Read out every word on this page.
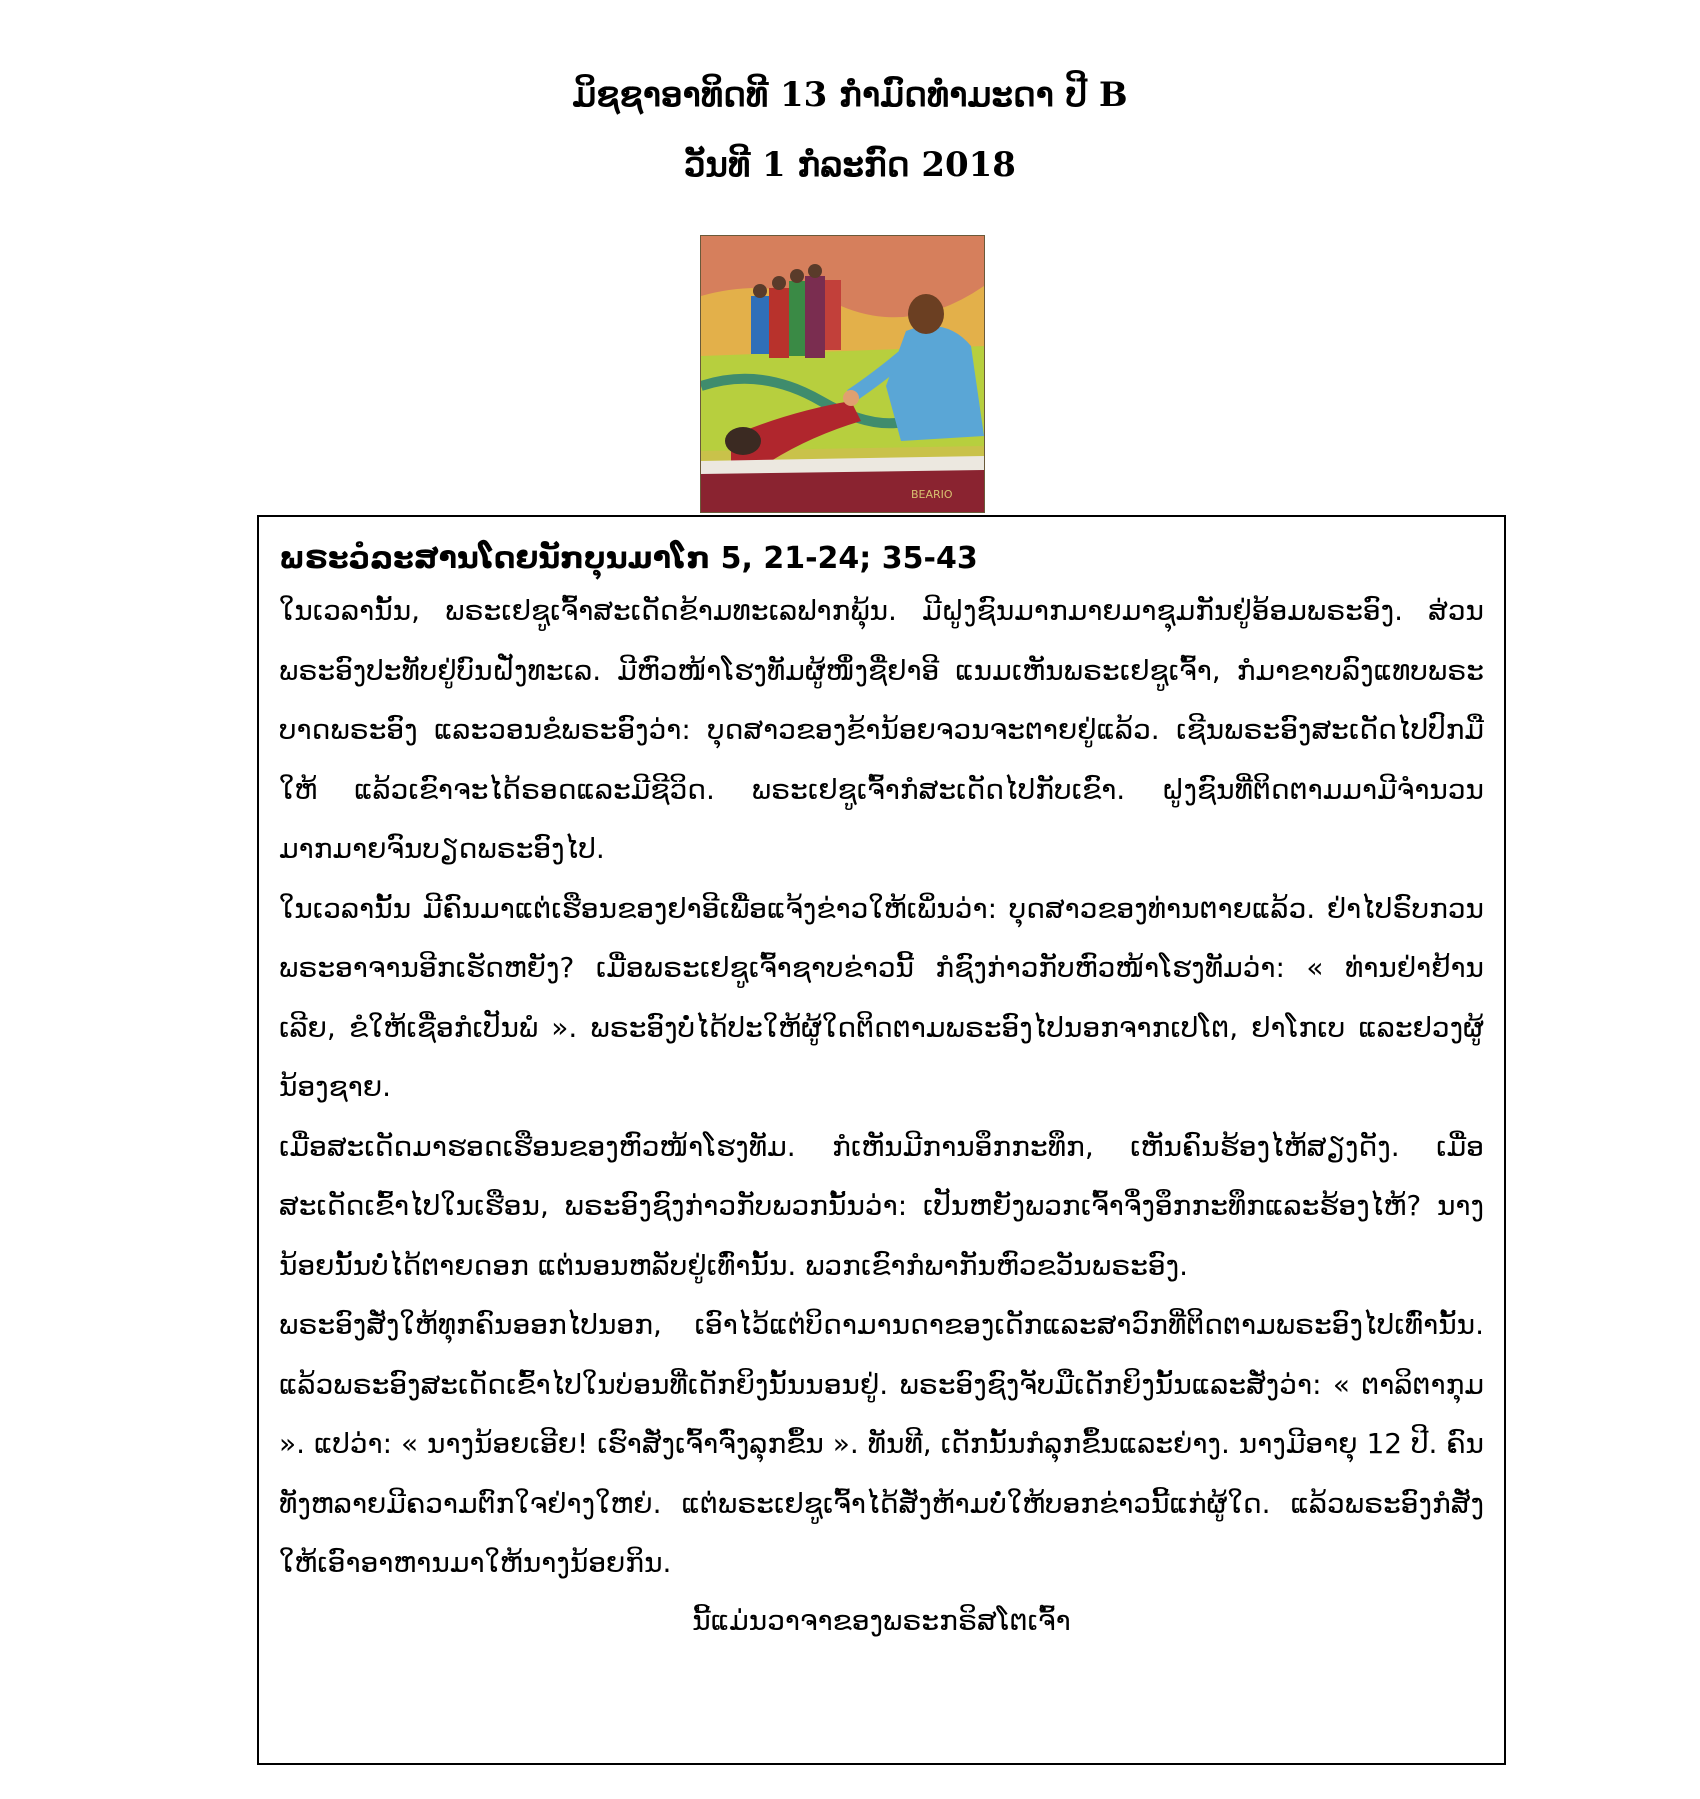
ມິຊຊາອາທິດທີ 13 ກຳມົດທຳມະດາ ປີ B
ວັນທີ 1 ກໍລະກົດ 2018
BEARIO

ພຣະວໍລະສານໂດຍນັກບຸນມາໂກ 5, 21-24; 35-43

ໃນເວລານັ້ນ, ພຣະເຢຊູເຈົ້າສະເດັດຂ້າມທະເລຟາກພຸ້ນ. ມີຝູງຊົນມາກມາຍມາຊຸມກັນຢູ່ອ້ອມພຣະອົງ. ສ່ວນພຣະອົງປະທັບຢູ່ບົນຝັ່ງທະເລ. ມີຫົວໜ້າໂຮງທັມຜູ້ໜຶ່ງຊື່ຢາອີ ແນມເຫັນພຣະເຢຊູເຈົ້າ, ກໍມາຂາບລົງແທບພຣະບາດພຣະອົງ ແລະວອນຂໍພຣະອົງວ່າ: ບຸດສາວຂອງຂ້ານ້ອຍຈວນຈະຕາຍຢູ່ແລ້ວ. ເຊີນພຣະອົງສະເດັດໄປປົກມືໃຫ້ ແລ້ວເຂົາຈະໄດ້ຣອດແລະມີຊີວິດ. ພຣະເຢຊູເຈົ້າກໍສະເດັດໄປກັບເຂົາ. ຝູງຊົນທີ່ຕິດຕາມມາມີຈຳນວນມາກມາຍຈົນບຽດພຣະອົງໄປ.

ໃນເວລານັ້ນ ມີຄົນມາແຕ່ເຮືອນຂອງຢາອີເພື່ອແຈ້ງຂ່າວໃຫ້ເພິ່ນວ່າ: ບຸດສາວຂອງທ່ານຕາຍແລ້ວ. ຢ່າໄປຣົບກວນພຣະອາຈານອີກເຮັດຫຍັງ? ເມື່ອພຣະເຢຊູເຈົ້າຊາບຂ່າວນີ້ ກໍຊົງກ່າວກັບຫົວໜ້າໂຮງທັມວ່າ: « ທ່ານຢ່າຢ້ານເລີຍ, ຂໍໃຫ້ເຊື່ອກໍເປັນພໍ ». ພຣະອົງບໍ່ໄດ້ປະໃຫ້ຜູ້ໃດຕິດຕາມພຣະອົງໄປນອກຈາກເປໂຕ, ຢາໂກເບ ແລະຢວງຜູ້ນ້ອງຊາຍ.

ເມື່ອສະເດັດມາຮອດເຮືອນຂອງຫົວໜ້າໂຮງທັມ. ກໍເຫັນມີການອຶກກະທຶກ, ເຫັນຄົນຮ້ອງໄຫ້ສຽງດັງ. ເມື່ອສະເດັດເຂົ້າໄປໃນເຮືອນ, ພຣະອົງຊົງກ່າວກັບພວກນັ້ນວ່າ: ເປັນຫຍັງພວກເຈົ້າຈຶ່ງອຶກກະທຶກແລະຮ້ອງໄຫ້? ນາງນ້ອຍນັ້ນບໍ່ໄດ້ຕາຍດອກ ແຕ່ນອນຫລັບຢູ່ເທົ່ານັ້ນ. ພວກເຂົາກໍພາກັນຫົວຂວັນພຣະອົງ.

ພຣະອົງສັ່ງໃຫ້ທຸກຄົນອອກໄປນອກ, ເອົາໄວ້ແຕ່ບິດາມານດາຂອງເດັກແລະສາວົກທີ່ຕິດຕາມພຣະອົງໄປເທົ່ານັ້ນ. ແລ້ວພຣະອົງສະເດັດເຂົ້າໄປໃນບ່ອນທີ່ເດັກຍິງນັ້ນນອນຢູ່. ພຣະອົງຊົງຈັບມືເດັກຍິງນັ້ນແລະສັ່ງວ່າ: « ຕາລິຕາກຸມ ». ແປວ່າ: « ນາງນ້ອຍເອີຍ! ເຮົາສັ່ງເຈົ້າຈົ່ງລຸກຂຶ້ນ ». ທັນທີ, ເດັກນັ້ນກໍລຸກຂຶ້ນແລະຍ່າງ. ນາງມີອາຍຸ 12 ປີ. ຄົນທັງຫລາຍມີຄວາມຕົກໃຈຢ່າງໃຫຍ່. ແຕ່ພຣະເຢຊູເຈົ້າໄດ້ສັ່ງຫ້າມບໍ່ໃຫ້ບອກຂ່າວນີ້ແກ່ຜູ້ໃດ. ແລ້ວພຣະອົງກໍສັ່ງໃຫ້ເອົາອາຫານມາໃຫ້ນາງນ້ອຍກິນ.

ນີ້ແມ່ນວາຈາຂອງພຣະກຣິສໂຕເຈົ້າ
